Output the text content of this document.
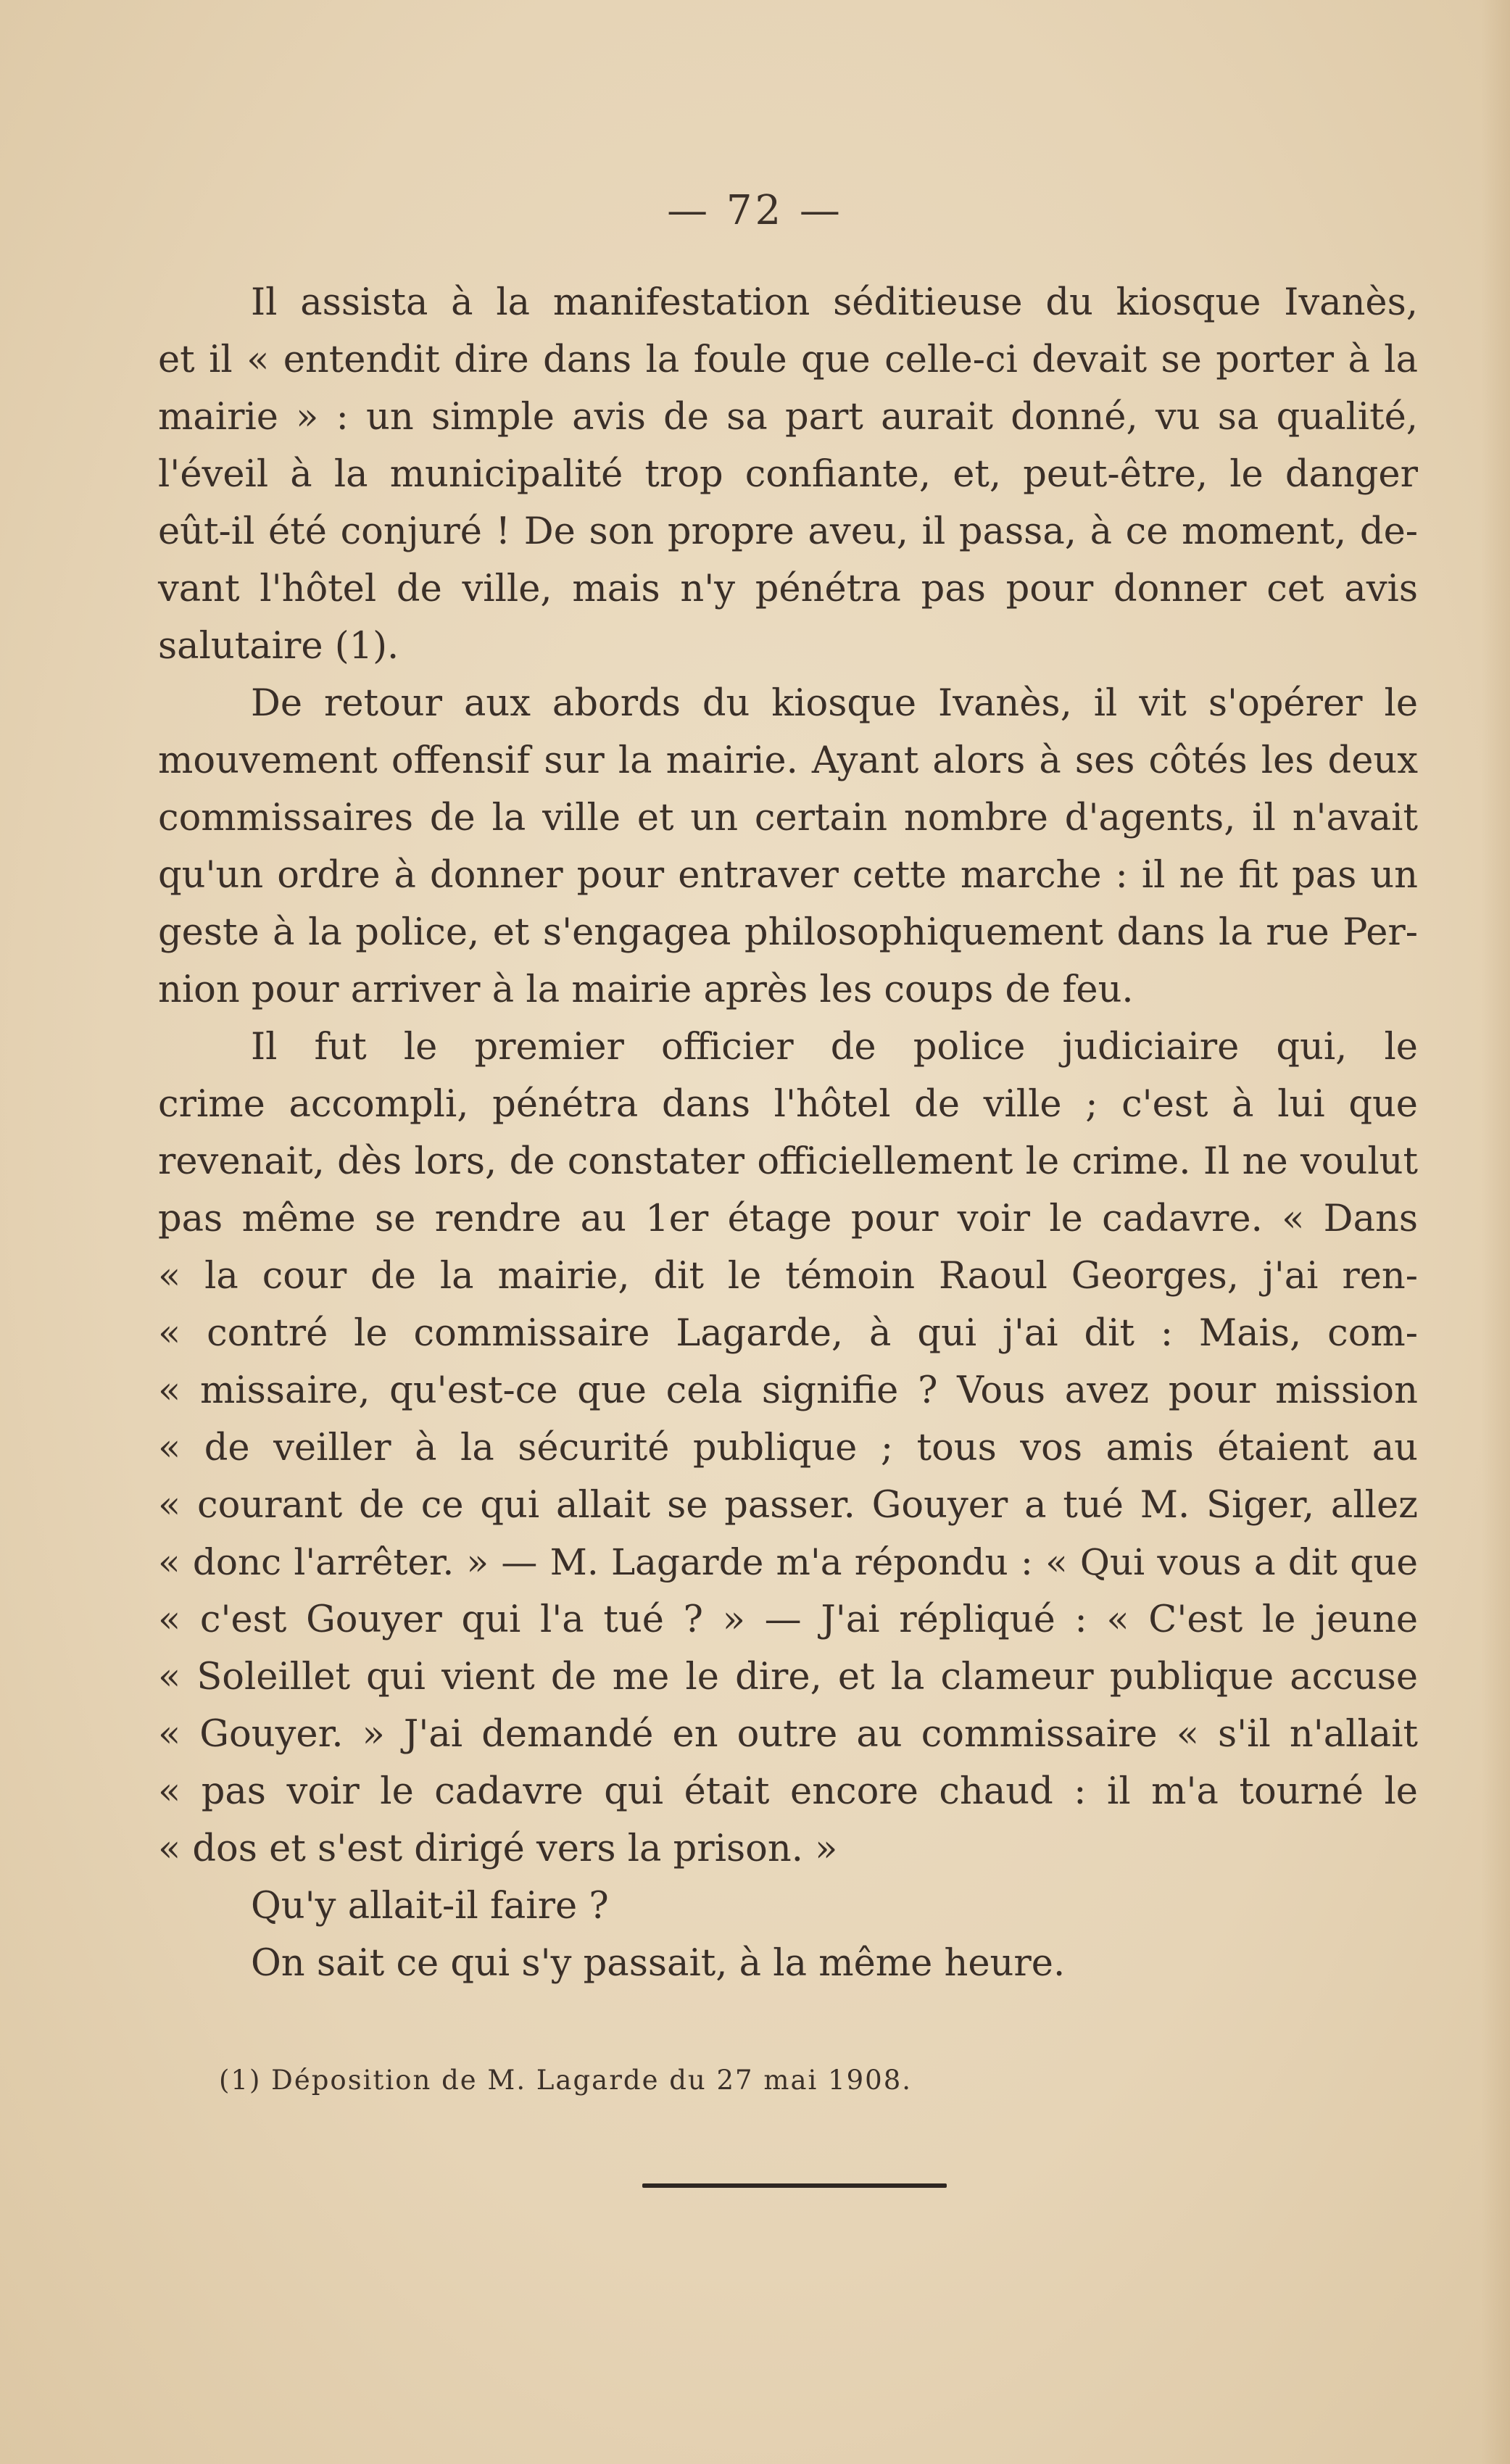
— 72 —
Il assista à la manifestation séditieuse du kiosque Ivanès,
et il « entendit dire dans la foule que celle-ci devait se porter à la
mairie » : un simple avis de sa part aurait donné, vu sa qualité,
l'éveil à la municipalité trop confiante, et, peut-être, le danger
eût-il été conjuré ! De son propre aveu, il passa, à ce moment, de-
vant l'hôtel de ville, mais n'y pénétra pas pour donner cet avis
salutaire (1).
De retour aux abords du kiosque Ivanès, il vit s'opérer le
mouvement offensif sur la mairie. Ayant alors à ses côtés les deux
commissaires de la ville et un certain nombre d'agents, il n'avait
qu'un ordre à donner pour entraver cette marche : il ne fit pas un
geste à la police, et s'engagea philosophiquement dans la rue Per-
nion pour arriver à la mairie après les coups de feu.
Il fut le premier officier de police judiciaire qui, le
crime accompli, pénétra dans l'hôtel de ville ; c'est à lui que
revenait, dès lors, de constater officiellement le crime. Il ne voulut
pas même se rendre au 1er étage pour voir le cadavre. « Dans
« la cour de la mairie, dit le témoin Raoul Georges, j'ai ren-
« contré le commissaire Lagarde, à qui j'ai dit : Mais, com-
« missaire, qu'est-ce que cela signifie ? Vous avez pour mission
« de veiller à la sécurité publique ; tous vos amis étaient au
« courant de ce qui allait se passer. Gouyer a tué M. Siger, allez
« donc l'arrêter. » — M. Lagarde m'a répondu : « Qui vous a dit que
« c'est Gouyer qui l'a tué ? » — J'ai répliqué : « C'est le jeune
« Soleillet qui vient de me le dire, et la clameur publique accuse
« Gouyer. » J'ai demandé en outre au commissaire « s'il n'allait
« pas voir le cadavre qui était encore chaud : il m'a tourné le
« dos et s'est dirigé vers la prison. »
Qu'y allait-il faire ?
On sait ce qui s'y passait, à la même heure.
(1) Déposition de M. Lagarde du 27 mai 1908.
